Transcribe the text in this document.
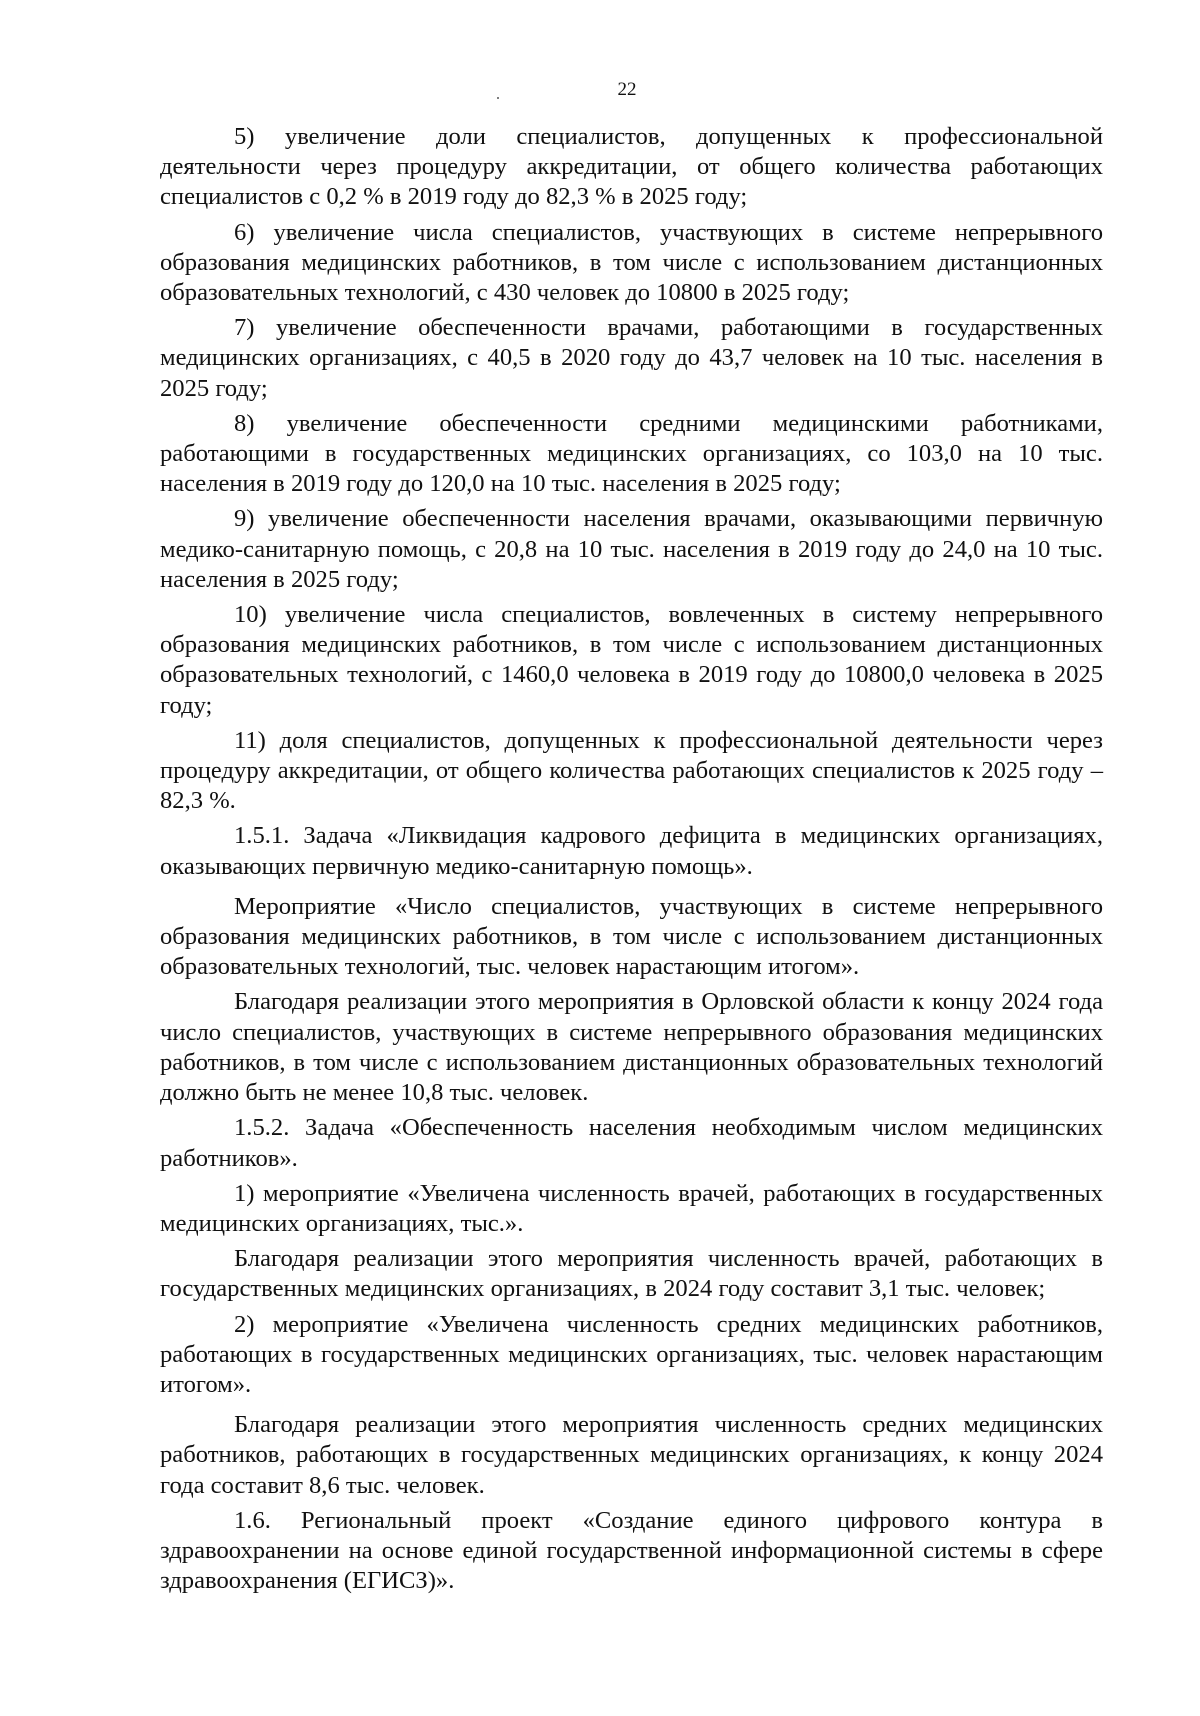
22

5) увеличение доли специалистов, допущенных к профессиональной деятельности через процедуру аккредитации, от общего количества работающих специалистов с 0,2 % в 2019 году до 82,3 % в 2025 году;

6) увеличение числа специалистов, участвующих в системе непрерывного образования медицинских работников, в том числе с использованием дистанционных образовательных технологий, с 430 человек до 10800 в 2025 году;

7) увеличение обеспеченности врачами, работающими в государственных медицинских организациях, с 40,5 в 2020 году до 43,7 человек на 10 тыс. населения в 2025 году;

8) увеличение обеспеченности средними медицинскими работниками, работающими в государственных медицинских организациях, со 103,0 на 10 тыс. населения в 2019 году до 120,0 на 10 тыс. населения в 2025 году;

9) увеличение обеспеченности населения врачами, оказывающими первичную медико-санитарную помощь, с 20,8 на 10 тыс. населения в 2019 году до 24,0 на 10 тыс. населения в 2025 году;

10) увеличение числа специалистов, вовлеченных в систему непрерывного образования медицинских работников, в том числе с использованием дистанционных образовательных технологий, с 1460,0 человека в 2019 году до 10800,0 человека в 2025 году;

11) доля специалистов, допущенных к профессиональной деятельности через процедуру аккредитации, от общего количества работающих специалистов к 2025 году – 82,3 %.

1.5.1. Задача «Ликвидация кадрового дефицита в медицинских организациях, оказывающих первичную медико-санитарную помощь».

Мероприятие «Число специалистов, участвующих в системе непрерывного образования медицинских работников, в том числе с использованием дистанционных образовательных технологий, тыс. человек нарастающим итогом».

Благодаря реализации этого мероприятия в Орловской области к концу 2024 года число специалистов, участвующих в системе непрерывного образования медицинских работников, в том числе с использованием дистанционных образовательных технологий должно быть не менее 10,8 тыс. человек.

1.5.2. Задача «Обеспеченность населения необходимым числом медицинских работников».

1) мероприятие «Увеличена численность врачей, работающих в государственных медицинских организациях, тыс.».

Благодаря реализации этого мероприятия численность врачей, работающих в государственных медицинских организациях, в 2024 году составит 3,1 тыс. человек;

2) мероприятие «Увеличена численность средних медицинских работников, работающих в государственных медицинских организациях, тыс. человек нарастающим итогом».

Благодаря реализации этого мероприятия численность средних медицинских работников, работающих в государственных медицинских организациях, к концу 2024 года составит 8,6 тыс. человек.

1.6. Региональный проект «Создание единого цифрового контура в здравоохранении на основе единой государственной информационной системы в сфере здравоохранения (ЕГИСЗ)».
